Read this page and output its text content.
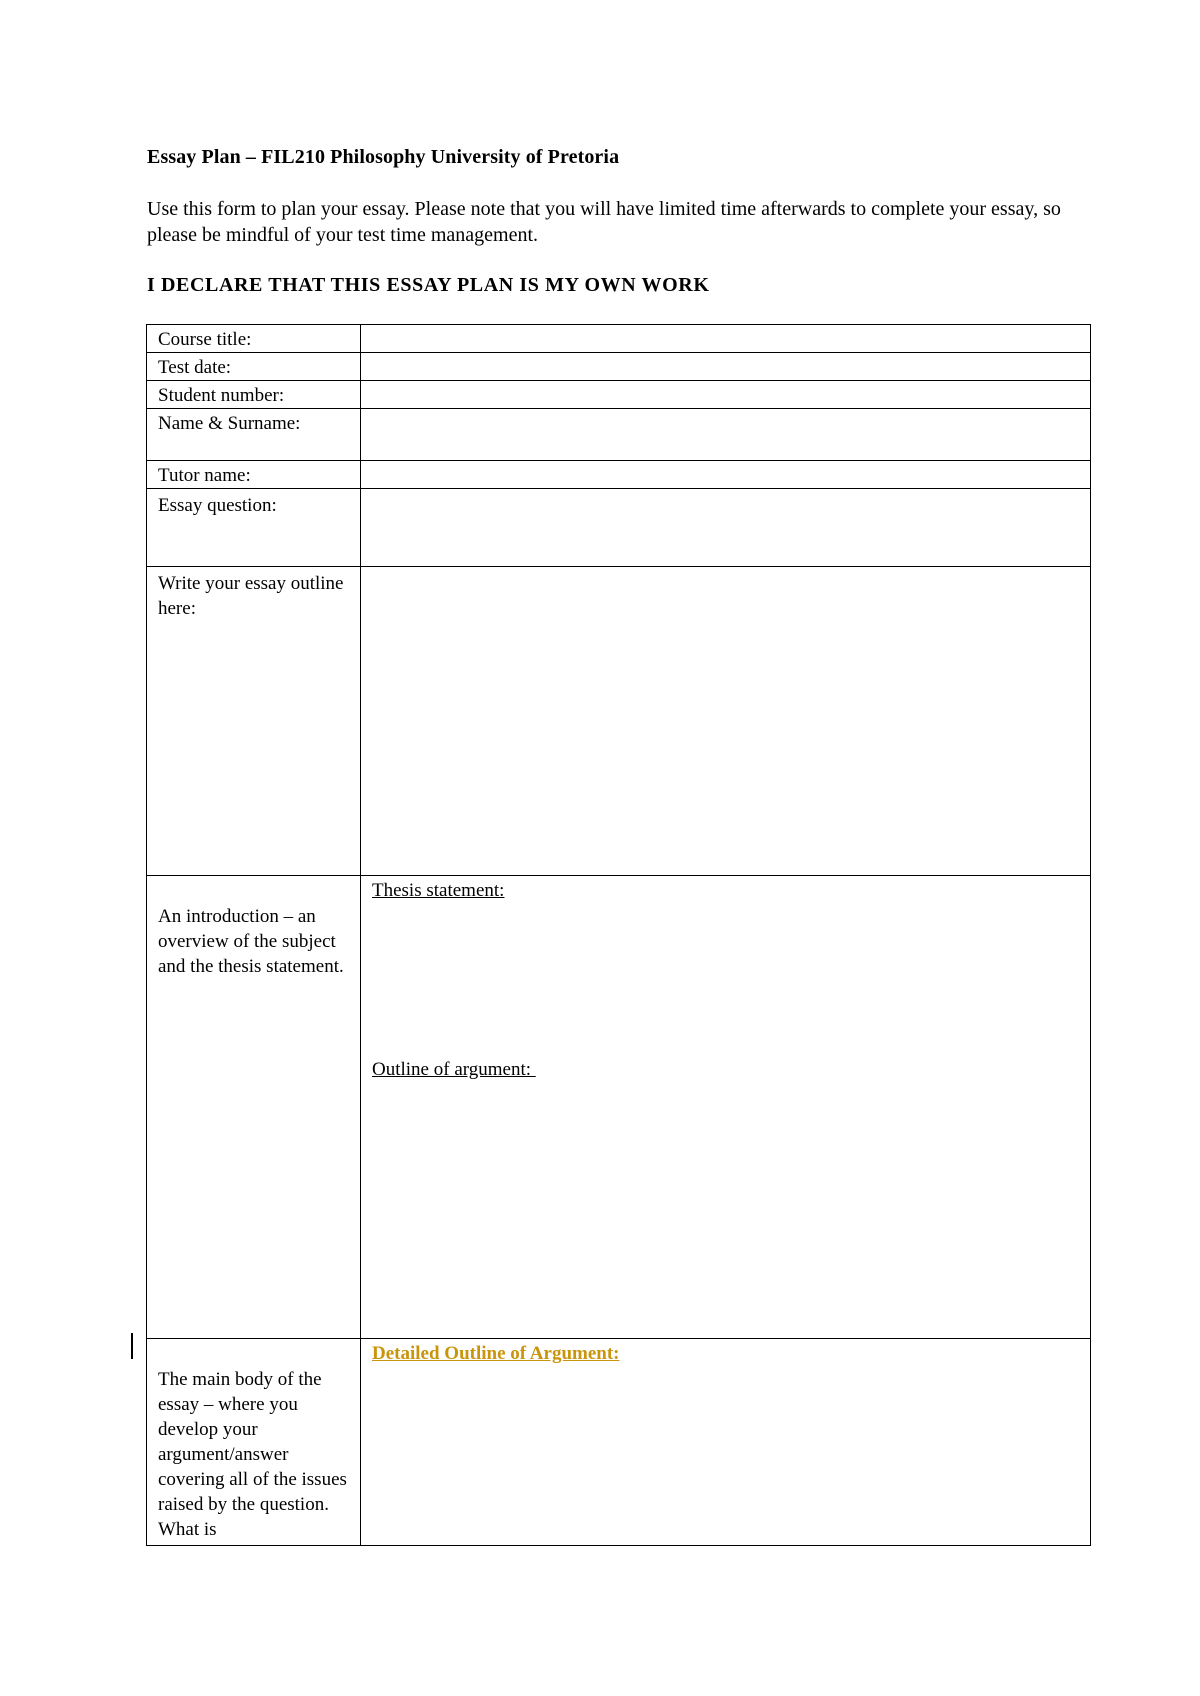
Essay Plan – FIL210 Philosophy University of Pretoria
Use this form to plan your essay. Please note that you will have limited time afterwards to complete your essay, so please be mindful of your test time management.
I DECLARE THAT THIS ESSAY PLAN IS MY OWN WORK
Course title:	

Test date:	

Student number:	

Name & Surname:	

Tutor name:	

Essay question:	

Write your essay outline here:	

An introduction – an overview of the subject and the thesis statement.	Thesis statement:
Outline of argument:

The main body of the essay – where you develop your argument/answer covering all of the issues raised by the question. What is	Detailed Outline of Argument:
